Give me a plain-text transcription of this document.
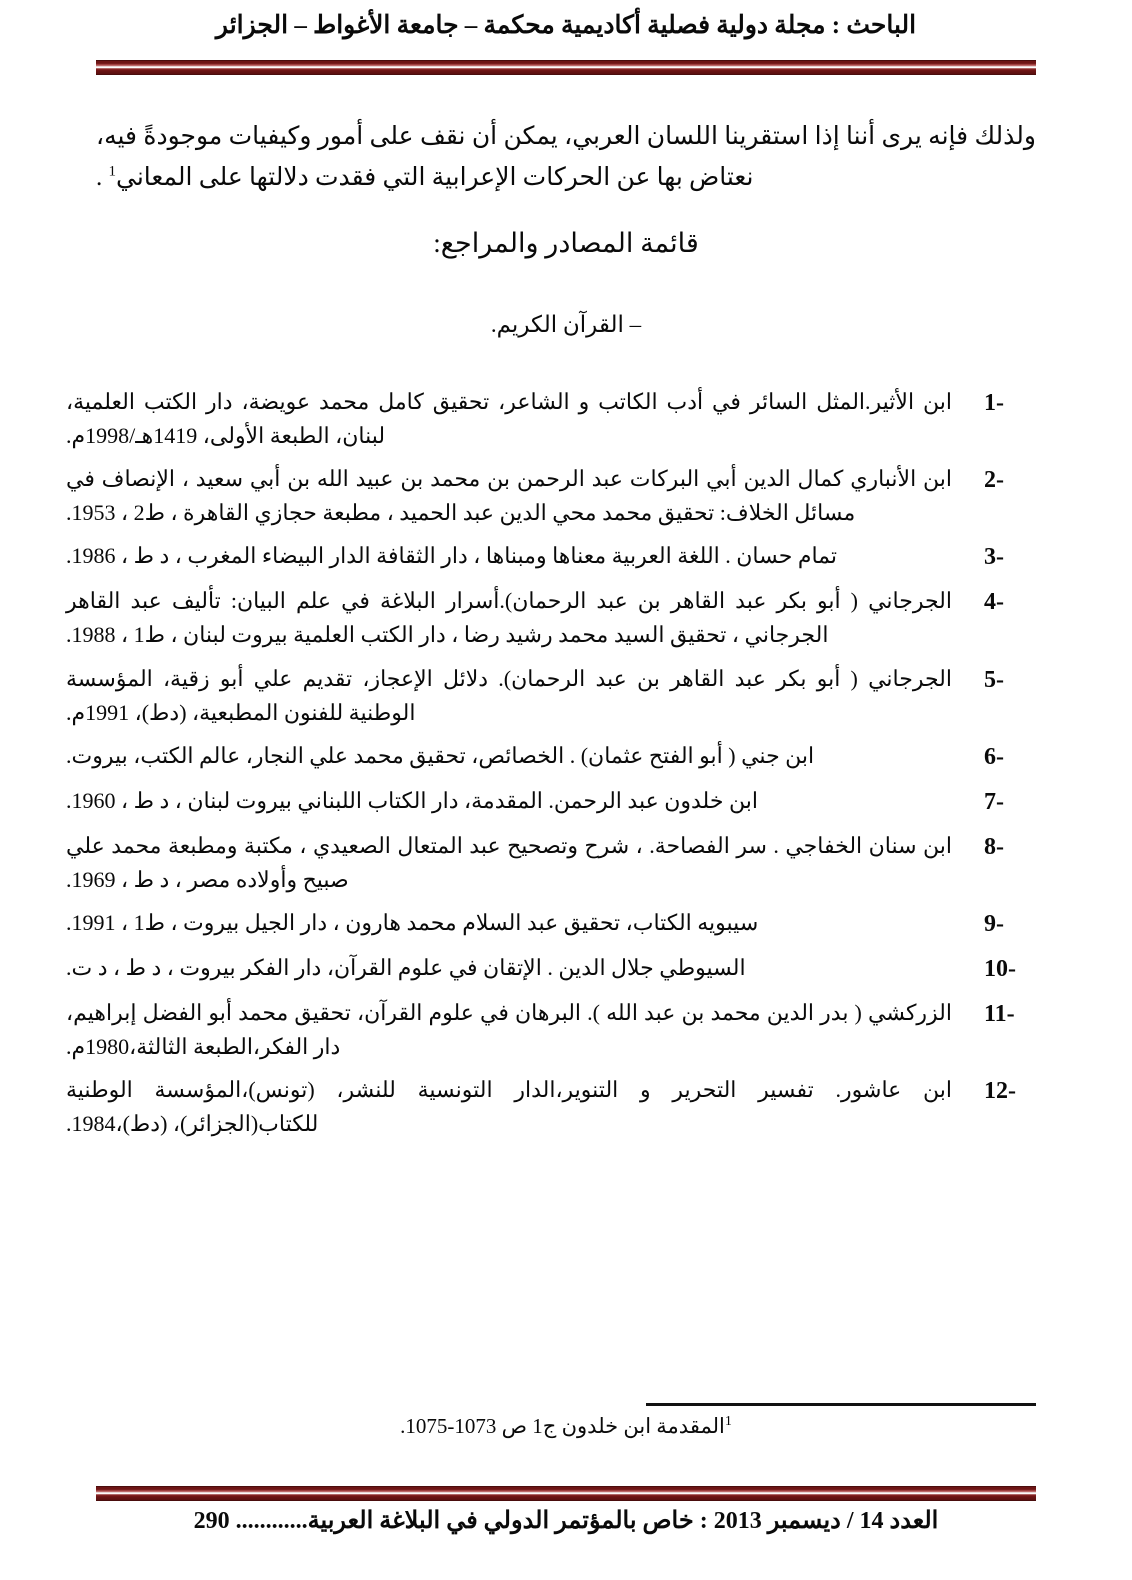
الباحث : مجلة دولية فصلية أكاديمية محكمة – جامعة الأغواط – الجزائر

ولذلك فإنه يرى أننا إذا استقرينا اللسان العربي، يمكن أن نقف على أمور وكيفيات موجودةً فيه، نعتاض بها عن الحركات الإعرابية التي فقدت دلالتها على المعاني$^1$ .

قائمة المصادر والمراجع:
– القرآن الكريم.
1-
ابن الأثير.المثل السائر في أدب الكاتب و الشاعر، تحقيق كامل محمد عويضة، دار الكتب العلمية، لبنان، الطبعة الأولى، 1419هـ/1998م.
2-
ابن الأنباري كمال الدين أبي البركات عبد الرحمن بن محمد بن عبيد الله بن أبي سعيد ، الإنصاف في مسائل الخلاف: تحقيق محمد محي الدين عبد الحميد ، مطبعة حجازي القاهرة ، ط2 ، 1953.
3-
تمام حسان . اللغة العربية معناها ومبناها ، دار الثقافة الدار البيضاء المغرب ، د ط ، 1986.
4-
الجرجاني ( أبو بكر عبد القاهر بن عبد الرحمان).أسرار البلاغة في علم البيان: تأليف عبد القاهر الجرجاني ، تحقيق السيد محمد رشيد رضا ، دار الكتب العلمية بيروت لبنان ، ط1 ، 1988.
5-
الجرجاني ( أبو بكر عبد القاهر بن عبد الرحمان). دلائل الإعجاز، تقديم علي أبو زقية، المؤسسة الوطنية للفنون المطبعية، (دط)، 1991م.
6-
ابن جني ( أبو الفتح عثمان) . الخصائص، تحقيق محمد علي النجار، عالم الكتب، بيروت.
7-
ابن خلدون عبد الرحمن. المقدمة، دار الكتاب اللبناني بيروت لبنان ، د ط ، 1960.
8-
ابن سنان الخفاجي . سر الفصاحة. ، شرح وتصحيح عبد المتعال الصعيدي ، مكتبة ومطبعة محمد علي صبيح وأولاده مصر ، د ط ، 1969.
9-
سيبويه الكتاب، تحقيق عبد السلام محمد هارون ، دار الجيل بيروت ، ط1 ، 1991.
10-
السيوطي جلال الدين . الإتقان في علوم القرآن، دار الفكر بيروت ، د ط ، د ت.
11-
الزركشي ( بدر الدين محمد بن عبد الله ). البرهان في علوم القرآن، تحقيق محمد أبو الفضل إبراهيم، دار الفكر،الطبعة الثالثة،1980م.
12-
ابن عاشور. تفسير التحرير و التنوير،الدار التونسية للنشر، (تونس)،المؤسسة الوطنية للكتاب(الجزائر)، (دط)،1984.
$^1$المقدمة ابن خلدون ج1 ص 1073-1075.
العدد 14 / ديسمبر 2013 : خاص بالمؤتمر الدولي في البلاغة العربية............ 290
